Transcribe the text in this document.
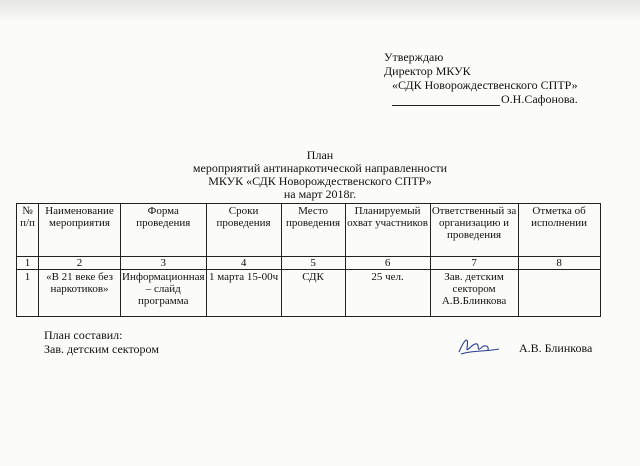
Утверждаю
Директор МКУК
«СДК Новорождественского СПТР»
О.Н.Сафонова.
План
мероприятий антинаркотической направленности
МКУК «СДК Новорождественского СПТР»
на март 2018г.
№ п/п	Наименование мероприятия	Форма проведения	Сроки проведения	Место проведения	Планируемый охват участников	Ответственный за организацию и проведения	Отметка об исполнении
1	2	3	4	5	6	7	8
1	«В 21 веке без наркотиков»	Информационная – слайд программа	1 марта 15-00ч	СДК	25 чел.	Зав. детским сектором А.В.Блинкова	
План составил:
Зав. детским сектором	А.В. Блинкова
